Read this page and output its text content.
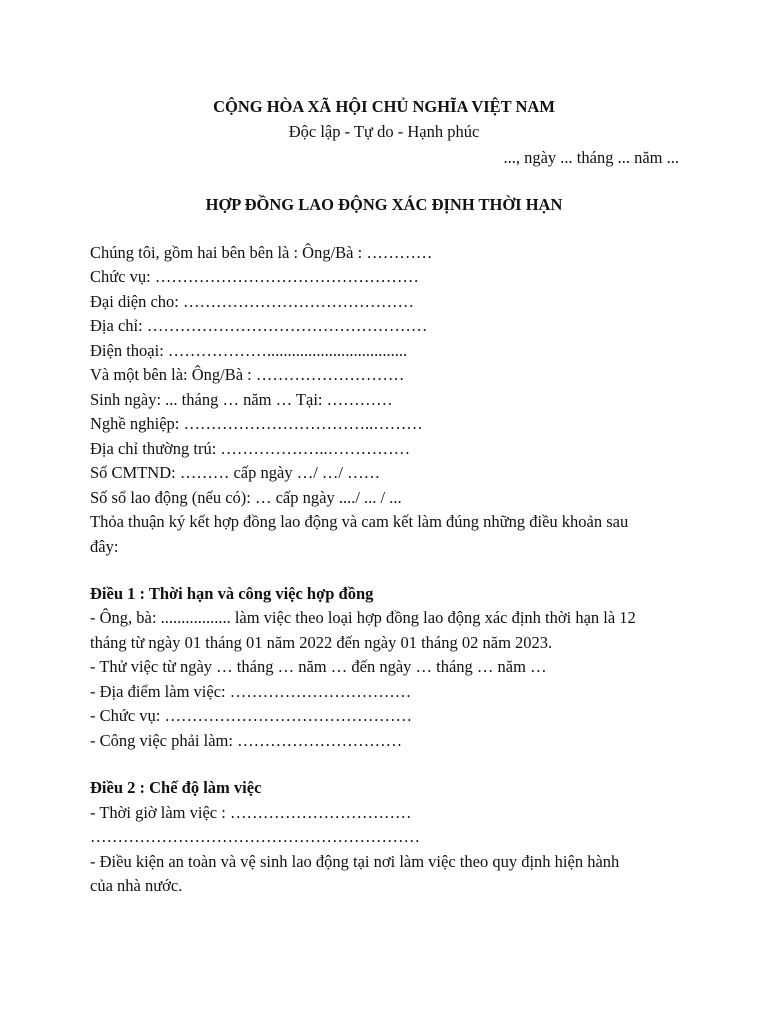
CỘNG HÒA XÃ HỘI CHỦ NGHĨA VIỆT NAM
Độc lập - Tự do - Hạnh phúc
..., ngày ... tháng ... năm ...
HỢP ĐỒNG LAO ĐỘNG XÁC ĐỊNH THỜI HẠN
Chúng tôi, gồm hai bên bên là : Ông/Bà : …………
Chức vụ: …………………………………………
Đại diện cho: ……………………………………
Địa chỉ: ……………………………………………
Điện thoại: ………………..................................
Và một bên là: Ông/Bà : ………………………
Sinh ngày: ... tháng … năm … Tại: …………
Nghề nghiệp: ……………………………..………
Địa chỉ thường trú: ………………..……………
Số CMTND: ……… cấp ngày …/ …/ ……
Số sổ lao động (nếu có): … cấp ngày ..../ ... / ...
Thỏa thuận ký kết hợp đồng lao động và cam kết làm đúng những điều khoản sau
đây:
Điều 1 : Thời hạn và công việc hợp đồng
- Ông, bà: ................. làm việc theo loại hợp đồng lao động xác định thời hạn là 12
tháng từ ngày 01 tháng 01 năm 2022 đến ngày 01 tháng 02 năm 2023.
- Thử việc từ ngày … tháng … năm … đến ngày … tháng … năm …
- Địa điểm làm việc: ……………………………
- Chức vụ: ………………………………………
- Công việc phải làm: …………………………
Điều 2 : Chế độ làm việc
- Thời giờ làm việc : ……………………………
……………………………………………………
- Điều kiện an toàn và vệ sinh lao động tại nơi làm việc theo quy định hiện hành
của nhà nước.
